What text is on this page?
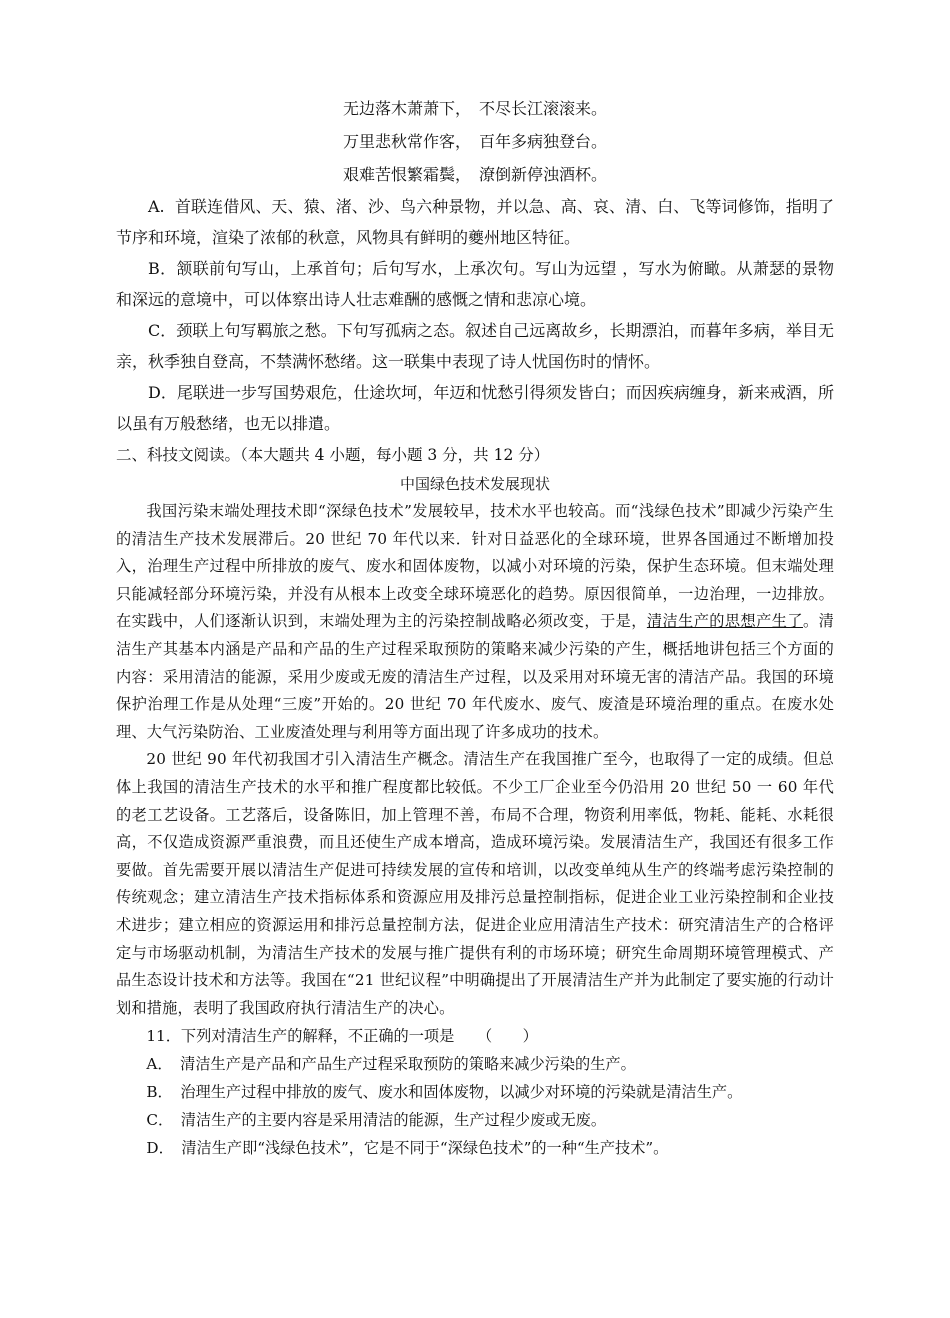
无边落木萧萧下，　不尽长江滚滚来。
万里悲秋常作客，　百年多病独登台。
艰难苦恨繁霜鬓，　潦倒新停浊酒杯。
A. 首联连借风、天、猿、渚、沙、鸟六种景物，并以急、高、哀、清、白、飞等词修饰，指明了节序和环境，渲染了浓郁的秋意，风物具有鲜明的夔州地区特征。
B．颔联前句写山，上承首句；后句写水，上承次句。写山为远望 ，写水为俯瞰。从萧瑟的景物和深远的意境中，可以体察出诗人壮志难酬的感慨之情和悲凉心境。
C．颈联上句写羁旅之愁。下句写孤病之态。叙述自己远离故乡，长期漂泊，而暮年多病，举目无亲，秋季独自登高，不禁满怀愁绪。这一联集中表现了诗人忧国伤时的情怀。
D．尾联进一步写国势艰危，仕途坎坷，年迈和忧愁引得须发皆白；而因疾病缠身，新来戒酒，所以虽有万般愁绪，也无以排遣。
二、科技文阅读。（本大题共 4 小题，每小题 3 分，共 12 分）
中国绿色技术发展现状
我国污染末端处理技术即“深绿色技术”发展较早，技术水平也较高。而“浅绿色技术”即减少污染产生的清洁生产技术发展滞后。20 世纪 70 年代以来．针对日益恶化的全球环境，世界各国通过不断增加投入，治理生产过程中所排放的废气、废水和固体废物，以减小对环境的污染，保护生态环境。但末端处理只能减轻部分环境污染，并没有从根本上改变全球环境恶化的趋势。原因很简单，一边治理，一边排放。在实践中，人们逐渐认识到，末端处理为主的污染控制战略必须改变，于是，清洁生产的思想产生了。清洁生产其基本内涵是产品和产品的生产过程采取预防的策略来减少污染的产生，概括地讲包括三个方面的内容：采用清洁的能源，采用少废或无废的清洁生产过程，以及采用对环境无害的清洁产品。我国的环境保护治理工作是从处理“三废”开始的。20 世纪 70 年代废水、废气、废渣是环境治理的重点。在废水处理、大气污染防治、工业废渣处理与利用等方面出现了许多成功的技术。
20 世纪 90 年代初我国才引入清洁生产概念。清洁生产在我国推广至今，也取得了一定的成绩。但总体上我国的清洁生产技术的水平和推广程度都比较低。不少工厂企业至今仍沿用 20 世纪 50 一 60 年代的老工艺设备。工艺落后，设备陈旧，加上管理不善，布局不合理，物资利用率低，物耗、能耗、水耗很高，不仅造成资源严重浪费，而且还使生产成本增高，造成环境污染。发展清洁生产，我国还有很多工作要做。首先需要开展以清洁生产促进可持续发展的宣传和培训，以改变单纯从生产的终端考虑污染控制的传统观念；建立清洁生产技术指标体系和资源应用及排污总量控制指标，促进企业工业污染控制和企业技术进步；建立相应的资源运用和排污总量控制方法，促进企业应用清洁生产技术：研究清洁生产的合格评定与市场驱动机制，为清洁生产技术的发展与推广提供有利的市场环境；研究生命周期环境管理模式、产品生态设计技术和方法等。我国在“21 世纪议程”中明确提出了开展清洁生产并为此制定了要实施的行动计划和措施，表明了我国政府执行清洁生产的决心。
11．下列对清洁生产的解释，不正确的一项是　　（　　）
A．　清洁生产是产品和产品生产过程采取预防的策略来减少污染的生产。
B．　治理生产过程中排放的废气、废水和固体废物，以减少对环境的污染就是清洁生产。
C．　清洁生产的主要内容是采用清洁的能源，生产过程少废或无废。
D．　清洁生产即“浅绿色技术”，它是不同于“深绿色技术”的一种“生产技术”。
